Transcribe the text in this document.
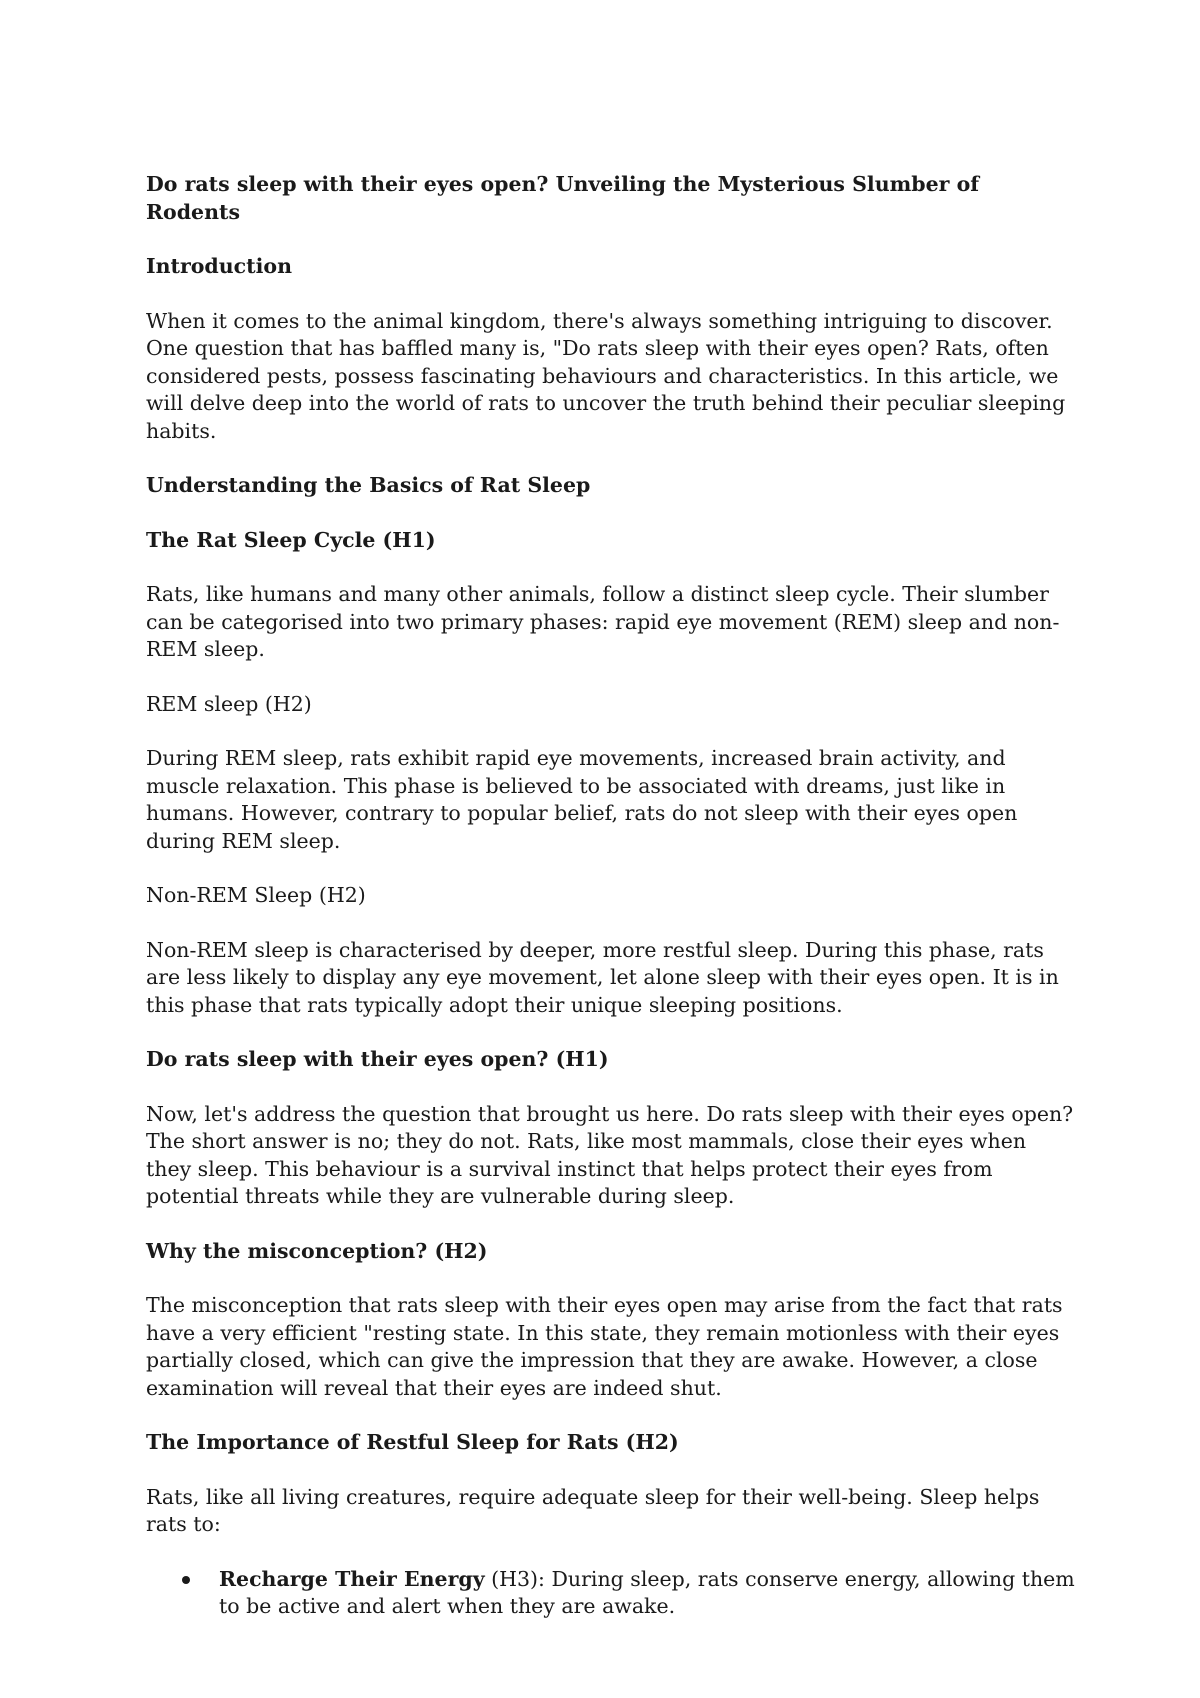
Do rats sleep with their eyes open? Unveiling the Mysterious Slumber of Rodents

Introduction

When it comes to the animal kingdom, there's always something intriguing to discover. One question that has baffled many is, "Do rats sleep with their eyes open? Rats, often considered pests, possess fascinating behaviours and characteristics. In this article, we will delve deep into the world of rats to uncover the truth behind their peculiar sleeping habits.

Understanding the Basics of Rat Sleep

The Rat Sleep Cycle (H1)

Rats, like humans and many other animals, follow a distinct sleep cycle. Their slumber can be categorised into two primary phases: rapid eye movement (REM) sleep and non-REM sleep.

REM sleep (H2)

During REM sleep, rats exhibit rapid eye movements, increased brain activity, and muscle relaxation. This phase is believed to be associated with dreams, just like in humans. However, contrary to popular belief, rats do not sleep with their eyes open during REM sleep.

Non-REM Sleep (H2)

Non-REM sleep is characterised by deeper, more restful sleep. During this phase, rats are less likely to display any eye movement, let alone sleep with their eyes open. It is in this phase that rats typically adopt their unique sleeping positions.

Do rats sleep with their eyes open? (H1)

Now, let's address the question that brought us here. Do rats sleep with their eyes open? The short answer is no; they do not. Rats, like most mammals, close their eyes when they sleep. This behaviour is a survival instinct that helps protect their eyes from potential threats while they are vulnerable during sleep.

Why the misconception? (H2)

The misconception that rats sleep with their eyes open may arise from the fact that rats have a very efficient "resting state. In this state, they remain motionless with their eyes partially closed, which can give the impression that they are awake. However, a close examination will reveal that their eyes are indeed shut.

The Importance of Restful Sleep for Rats (H2)

Rats, like all living creatures, require adequate sleep for their well-being. Sleep helps rats to:

Recharge Their Energy (H3): During sleep, rats conserve energy, allowing them to be active and alert when they are awake.
